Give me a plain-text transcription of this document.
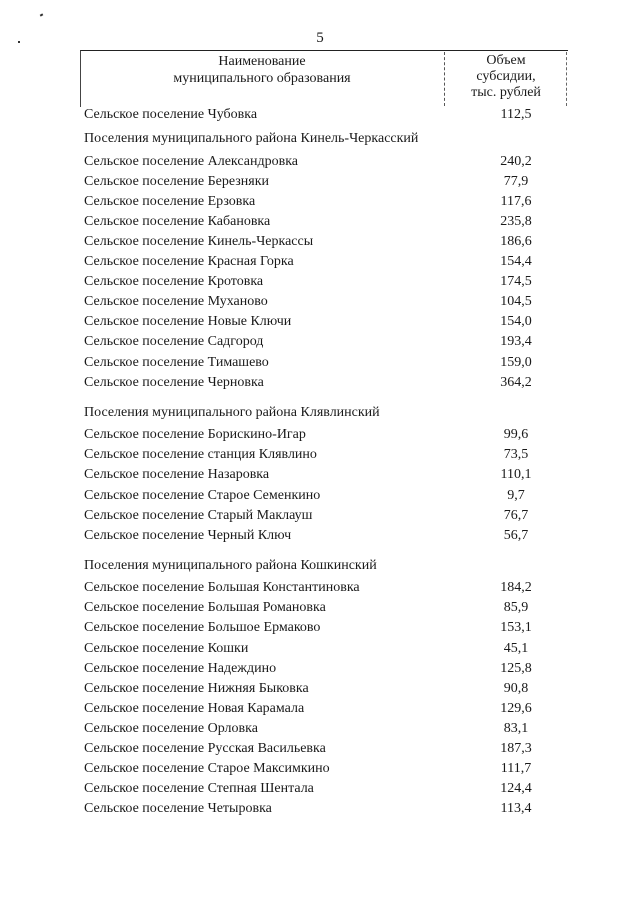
5
Наименование
муниципального образования
Объем
субсидии,
тыс. рублей
Сельское поселение Чубовка	112,5
Поселения муниципального района Кинель-Черкасский
Сельское поселение Александровка	240,2
Сельское поселение Березняки	77,9
Сельское поселение Ерзовка	117,6
Сельское поселение Кабановка	235,8
Сельское поселение Кинель-Черкассы	186,6
Сельское поселение Красная Горка	154,4
Сельское поселение Кротовка	174,5
Сельское поселение Муханово	104,5
Сельское поселение Новые Ключи	154,0
Сельское поселение Садгород	193,4
Сельское поселение Тимашево	159,0
Сельское поселение Черновка	364,2
Поселения муниципального района Клявлинский
Сельское поселение Борискино-Игар	99,6
Сельское поселение станция Клявлино	73,5
Сельское поселение Назаровка	110,1
Сельское поселение Старое Семенкино	9,7
Сельское поселение Старый Маклауш	76,7
Сельское поселение Черный Ключ	56,7
Поселения муниципального района Кошкинский
Сельское поселение Большая Константиновка	184,2
Сельское поселение Большая Романовка	85,9
Сельское поселение Большое Ермаково	153,1
Сельское поселение Кошки	45,1
Сельское поселение Надеждино	125,8
Сельское поселение Нижняя Быковка	90,8
Сельское поселение Новая Карамала	129,6
Сельское поселение Орловка	83,1
Сельское поселение Русская Васильевка	187,3
Сельское поселение Старое Максимкино	111,7
Сельское поселение Степная Шентала	124,4
Сельское поселение Четыровка	113,4
